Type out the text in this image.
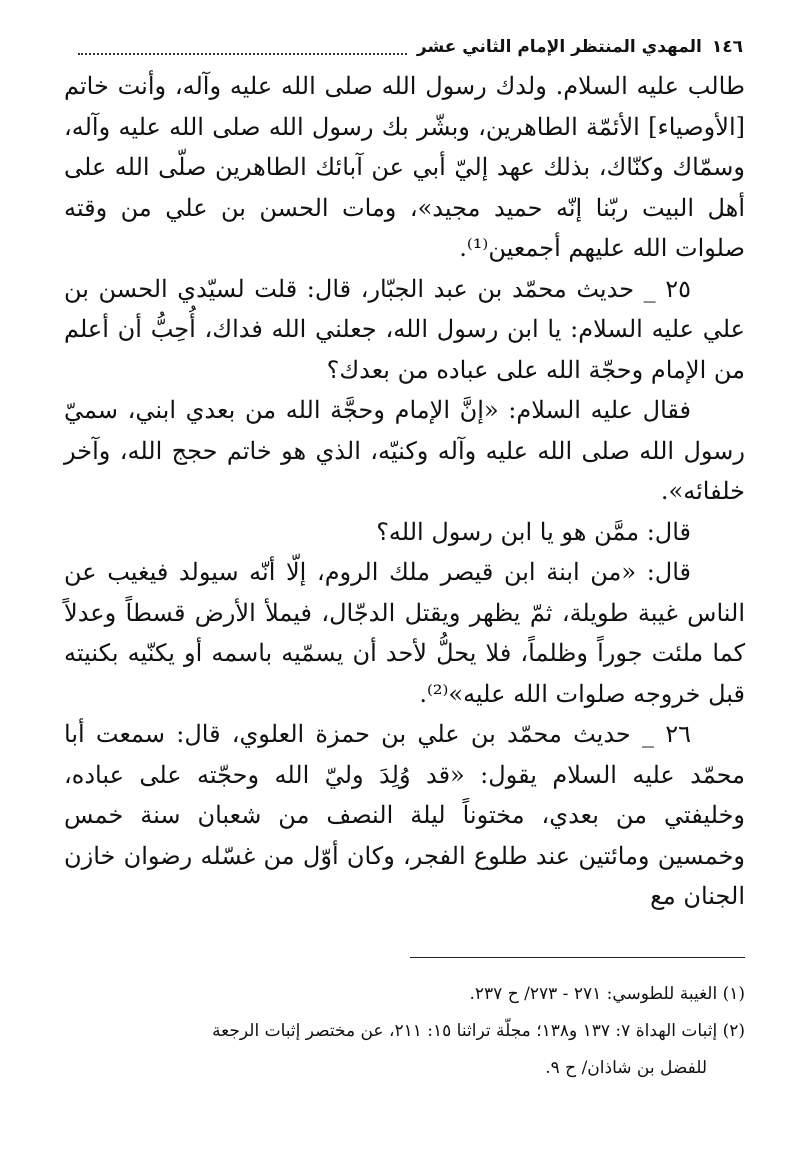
١٤٦
المهدي المنتظر الإمام الثاني عشر

طالب عليه السلام. ولدك رسول الله صلى الله عليه وآله، وأنت خاتم [الأوصياء] الأئمّة الطاهرين، وبشّر بك رسول الله صلى الله عليه وآله، وسمّاك وكنّاك، بذلك عهد إليّ أبي عن آبائك الطاهرين صلّى الله على أهل البيت ربّنا إنّه حميد مجيد»، ومات الحسن بن علي من وقته صلوات الله عليهم أجمعين⁽¹⁾.

٢٥ _ حديث محمّد بن عبد الجبّار، قال: قلت لسيّدي الحسن بن علي عليه السلام: يا ابن رسول الله، جعلني الله فداك، أُحِبُّ أن أعلم من الإمام وحجّة الله على عباده من بعدك؟

فقال عليه السلام: «إنَّ الإمام وحجَّة الله من بعدي ابني، سميّ رسول الله صلى الله عليه وآله وكنيّه، الذي هو خاتم حجج الله، وآخر خلفائه».

قال: ممَّن هو يا ابن رسول الله؟

قال: «من ابنة ابن قيصر ملك الروم، إلّا أنّه سيولد فيغيب عن الناس غيبة طويلة، ثمّ يظهر ويقتل الدجّال، فيملأ الأرض قسطاً وعدلاً كما ملئت جوراً وظلماً، فلا يحلُّ لأحد أن يسمّيه باسمه أو يكنّيه بكنيته قبل خروجه صلوات الله عليه»⁽²⁾.

٢٦ _ حديث محمّد بن علي بن حمزة العلوي، قال: سمعت أبا محمّد عليه السلام يقول: «قد وُلِدَ وليّ الله وحجّته على عباده، وخليفتي من بعدي، مختوناً ليلة النصف من شعبان سنة خمس وخمسين ومائتين عند طلوع الفجر، وكان أوّل من غسّله رضوان خازن الجنان مع

(١) الغيبة للطوسي: ٢٧١ - ٢٧٣/ ح ٢٣٧.

(٢) إثبات الهداة ٧: ١٣٧ و١٣٨؛ مجلّة تراثنا ١٥: ٢١١، عن مختصر إثبات الرجعة

للفضل بن شاذان/ ح ٩.
